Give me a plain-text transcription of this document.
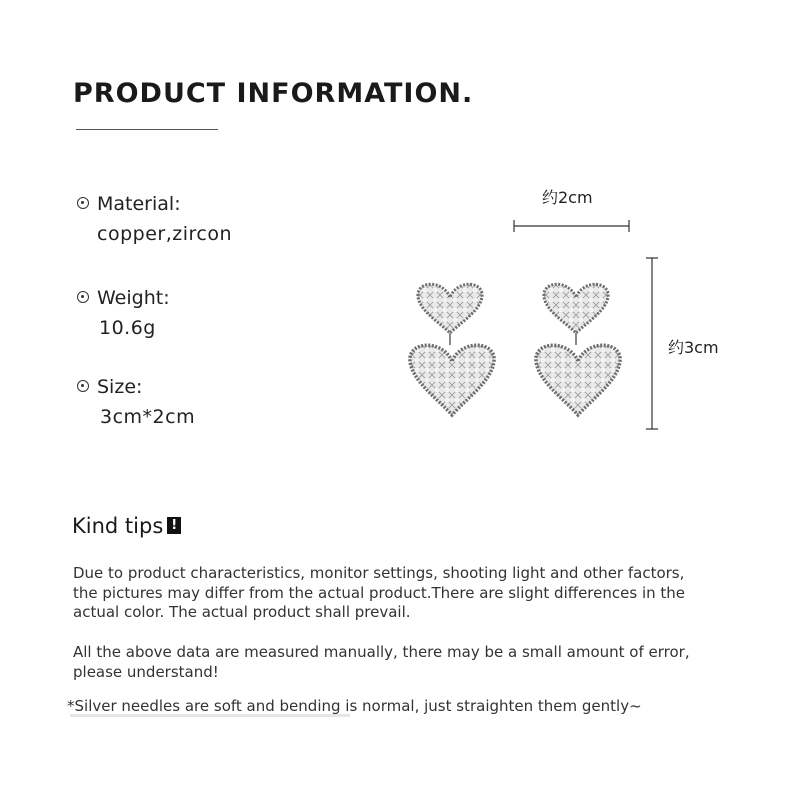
PRODUCT INFORMATION.
Material:
copper,zircon
Weight:
10.6g
Size:
3cm*2cm
约2cm
约3cm
Kind tips !
Due to product characteristics, monitor settings, shooting light and other factors, the pictures may differ from the actual product.There are slight differences in the actual color. The actual product shall prevail.
All the above data are measured manually, there may be a small amount of error, please understand!
*Silver needles are soft and bending is normal, just straighten them gently~
